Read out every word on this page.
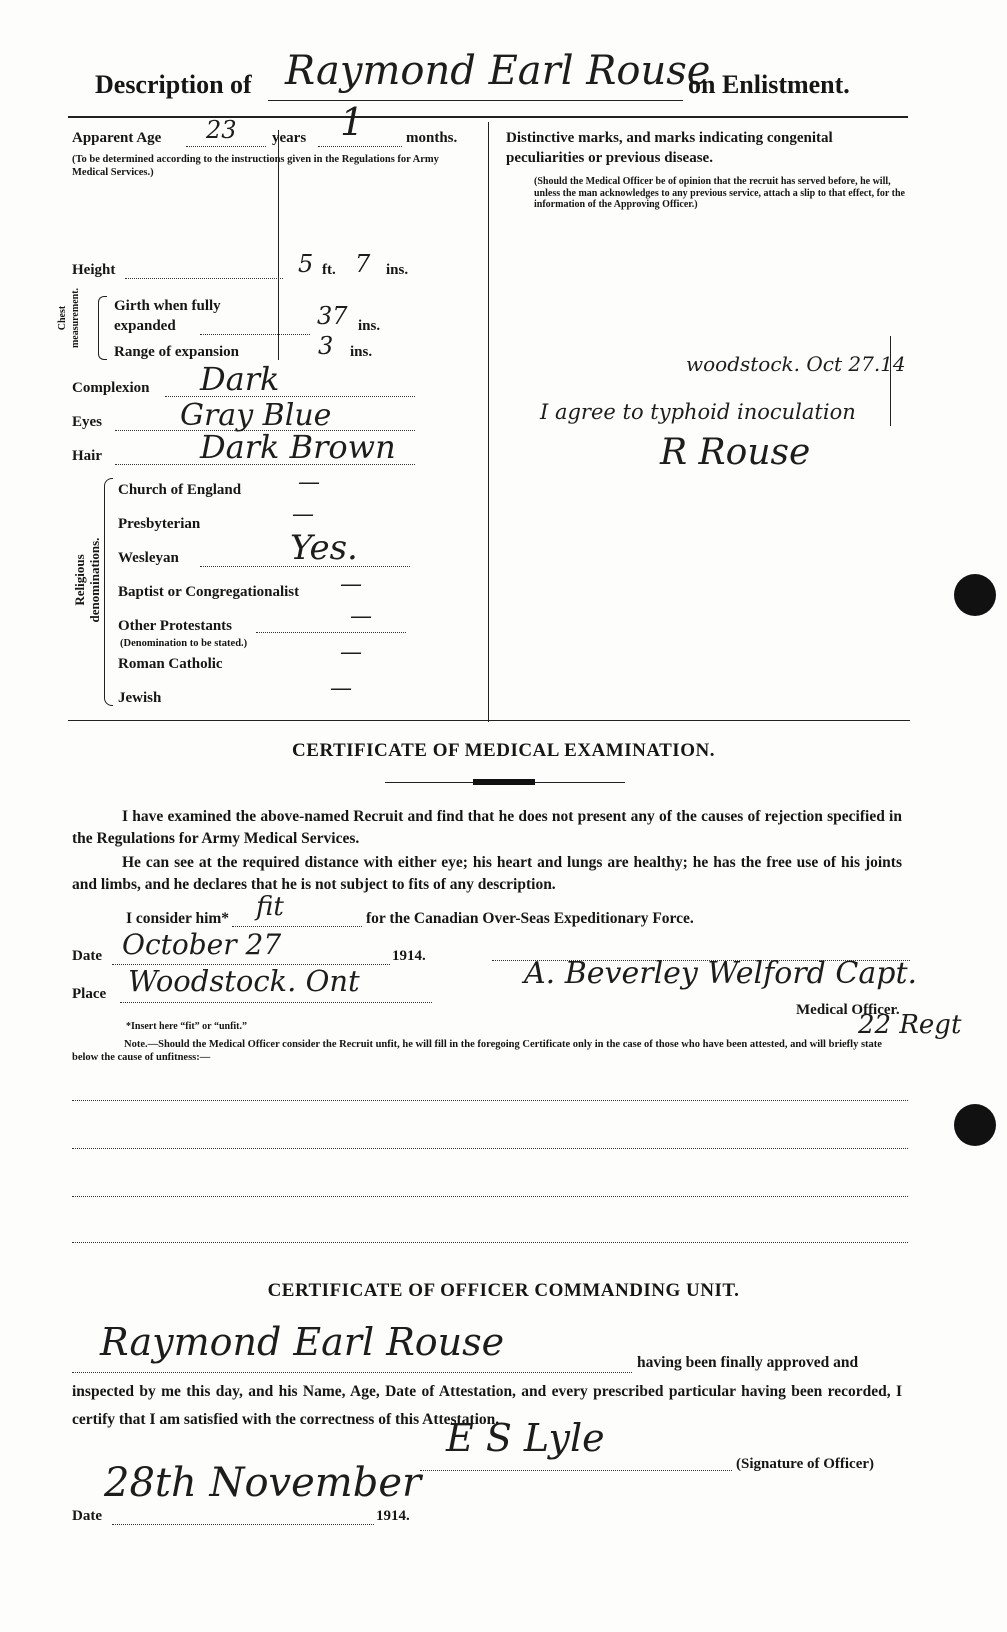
Description of Raymond Earl Rouse
on Enlistment.
Apparent Age 23 years 1	months.
(To be determined according to the instructions given in the Regulations for Army Medical Services.)
Height	5 ft. 7 ins.
Chest measurement. Girth when fully expanded	37 ins.
Range of expansion	3 ins.
Complexion Dark
Eyes	Gray Blue
Hair	Dark Brown
Religious denominations.
Church of England	—
Presbyterian	—
Wesleyan	Yes.
Baptist or Congregationalist —
Other Protestants	—
(Denomination to be stated.)
Roman Catholic	—
Jewish	—
Distinctive marks, and marks indicating congenital peculiarities or previous disease.
(Should the Medical Officer be of opinion that the recruit has served before, he will, unless the man acknowledges to any previous service, attach a slip to that effect, for the information of the Approving Officer.)
woodstock. Oct 27.14
I agree to typhoid inoculation
R Rouse
CERTIFICATE OF MEDICAL EXAMINATION.
I have examined the above-named Recruit and find that he does not present any of the causes of rejection specified in the Regulations for Army Medical Services.
He can see at the required distance with either eye; his heart and lungs are healthy; he has the free use of his joints and limbs, and he declares that he is not subject to fits of any description.
I consider him* fit	for the Canadian Over-Seas Expeditionary Force.
Date October 27	1914.
Place Woodstock. Ont	A. Beverley Welford Capt.
Medical Officer.
22 Regt
*Insert here “fit” or “unfit.”
Note.—Should the Medical Officer consider the Recruit unfit, he will fill in the foregoing Certificate only in the case of those who have been attested, and will briefly state below the cause of unfitness:—
CERTIFICATE OF OFFICER COMMANDING UNIT.
Raymond Earl Rouse	having been finally approved and
inspected by me this day, and his Name, Age, Date of Attestation, and every prescribed particular having been recorded, I certify that I am satisfied with the correctness of this Attestation.
E S Lyle
(Signature of Officer)
Date
28th November
1914.
